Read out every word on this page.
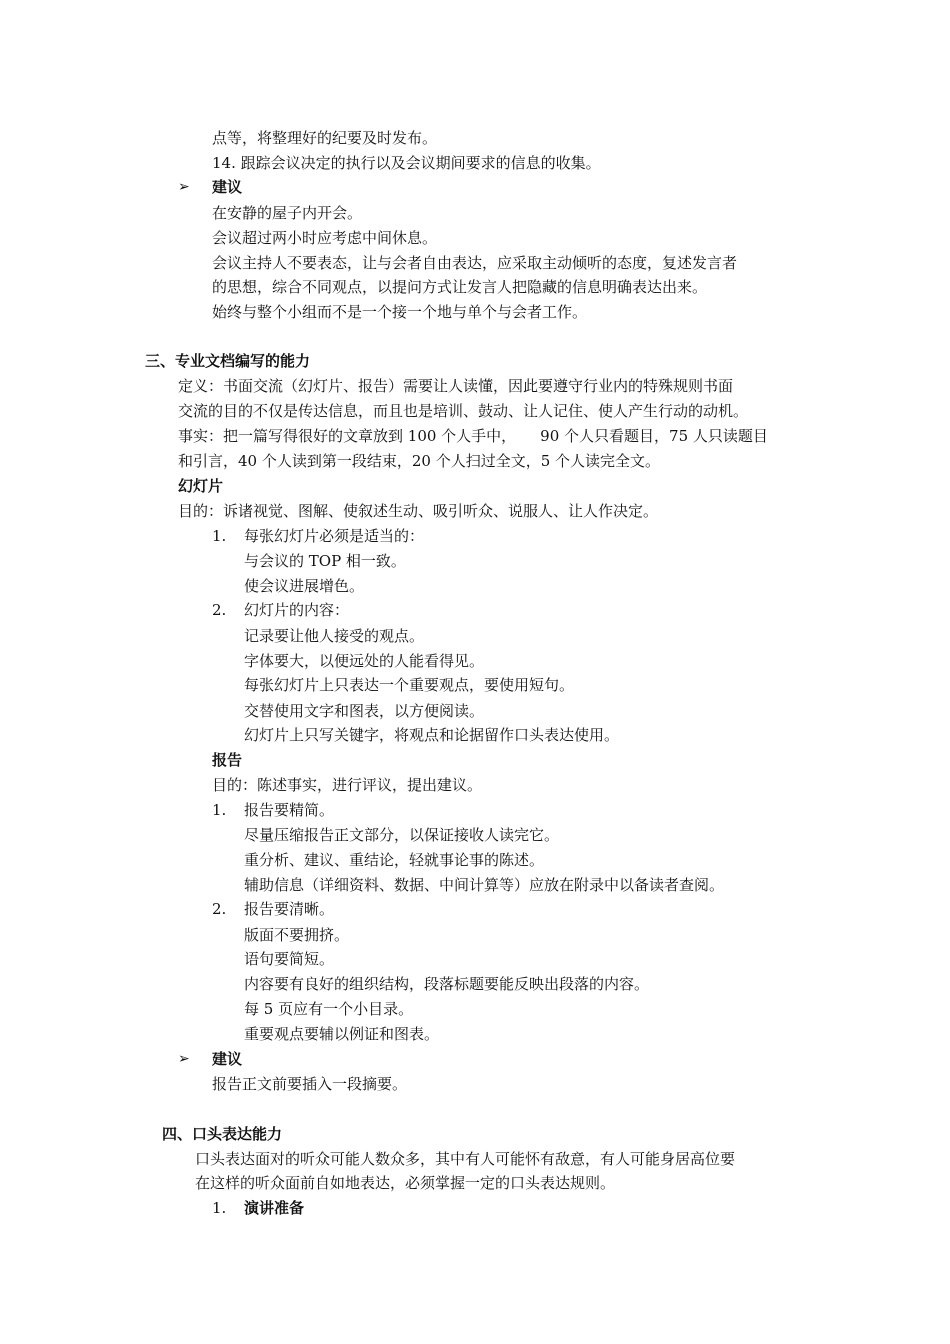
点等，将整理好的纪要及时发布。
14. 跟踪会议决定的执行以及会议期间要求的信息的收集。
➢ 建议
在安静的屋子内开会。
会议超过两小时应考虑中间休息。
会议主持人不要表态，让与会者自由表达，应采取主动倾听的态度，复述发言者
的思想，综合不同观点，以提问方式让发言人把隐藏的信息明确表达出来。
始终与整个小组而不是一个接一个地与单个与会者工作。
三、专业文档编写的能力
定义：书面交流（幻灯片、报告）需要让人读懂，因此要遵守行业内的特殊规则书面
交流的目的不仅是传达信息，而且也是培训、鼓动、让人记住、使人产生行动的动机。
事实：把一篇写得很好的文章放到 100 个人手中， 90 个人只看题目，75 人只读题目
和引言，40 个人读到第一段结束，20 个人扫过全文，5 个人读完全文。
幻灯片
目的：诉诸视觉、图解、使叙述生动、吸引听众、说服人、让人作决定。
1. 每张幻灯片必须是适当的：
与会议的 TOP 相一致。
使会议进展增色。
2. 幻灯片的内容：
记录要让他人接受的观点。
字体要大，以便远处的人能看得见。
每张幻灯片上只表达一个重要观点，要使用短句。
交替使用文字和图表，以方便阅读。
幻灯片上只写关键字，将观点和论据留作口头表达使用。
报告
目的：陈述事实，进行评议，提出建议。
1. 报告要精简。
尽量压缩报告正文部分，以保证接收人读完它。
重分析、建议、重结论，轻就事论事的陈述。
辅助信息（详细资料、数据、中间计算等）应放在附录中以备读者查阅。
2. 报告要清晰。
版面不要拥挤。
语句要简短。
内容要有良好的组织结构，段落标题要能反映出段落的内容。
每 5 页应有一个小目录。
重要观点要辅以例证和图表。
➢ 建议
报告正文前要插入一段摘要。
四、口头表达能力
口头表达面对的听众可能人数众多，其中有人可能怀有敌意，有人可能身居高位要
在这样的听众面前自如地表达，必须掌握一定的口头表达规则。
1. 演讲准备
